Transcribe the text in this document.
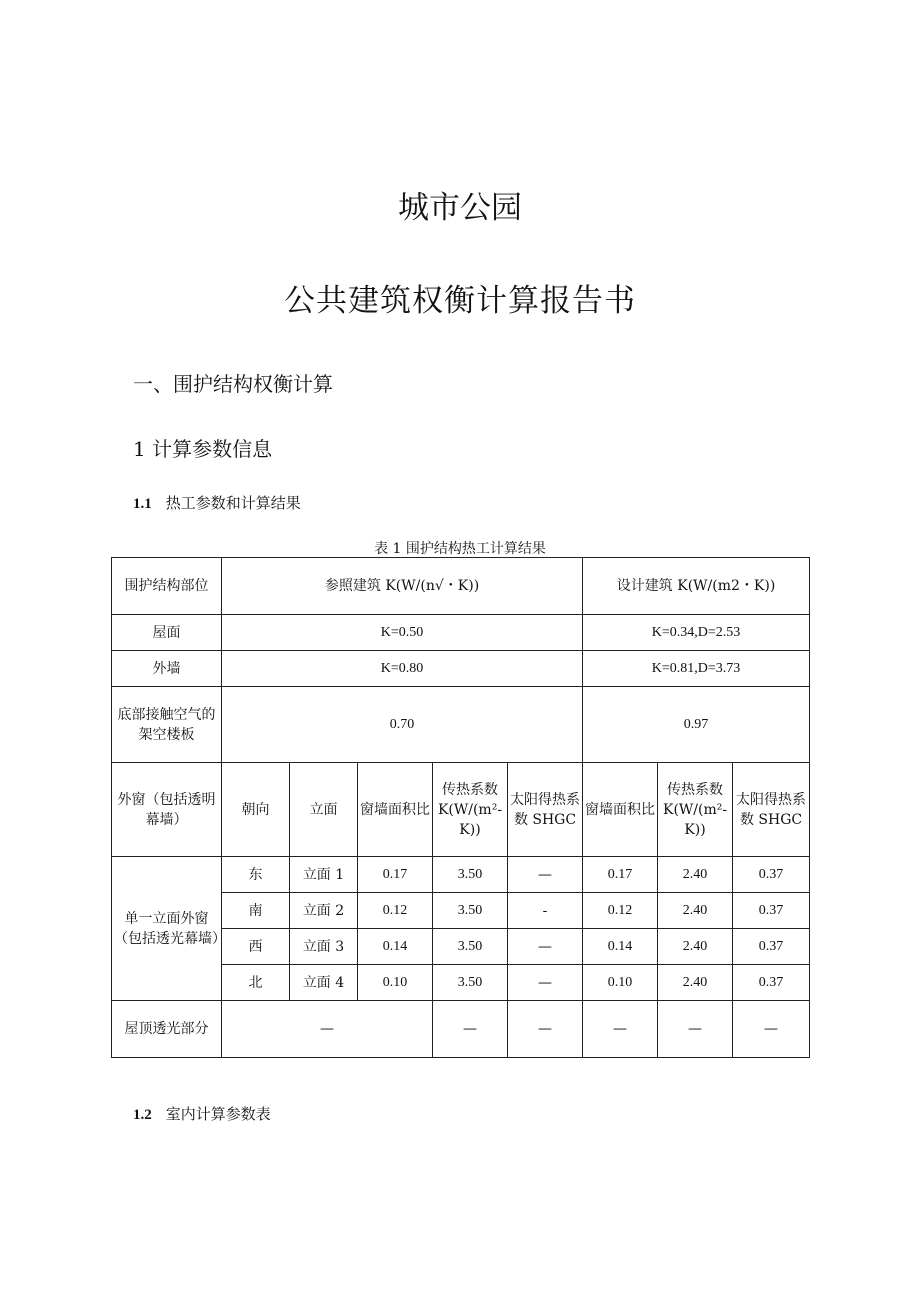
城市公园
公共建筑权衡计算报告书
一、围护结构权衡计算
1 计算参数信息
1.1 热工参数和计算结果
表 1 围护结构热工计算结果
围护结构部位	参照建筑 K(W/(n√・K))					设计建筑 K(W/(m2・K))		
屋面	K=0.50					K=0.34,D=2.53		
外墙	K=0.80					K=0.81,D=3.73		
底部接触空气的架空楼板	0.70					0.97		
外窗（包括透明幕墙）	朝向	立面	窗墙面积比	传热系数 K(W/(m²-K))	太阳得热系数 SHGC	窗墙面积比	传热系数 K(W/(m²-K))	太阳得热系数 SHGC
单一立面外窗（包括透光幕墙）	东	立面 1	0.17	3.50	—	0.17	2.40	0.37
	南	立面 2	0.12	3.50	-	0.12	2.40	0.37
	西	立面 3	0.14	3.50	—	0.14	2.40	0.37
	北	立面 4	0.10	3.50	—	0.10	2.40	0.37
屋顶透光部分	—			—	—	—	—	—
1.2 室内计算参数表
